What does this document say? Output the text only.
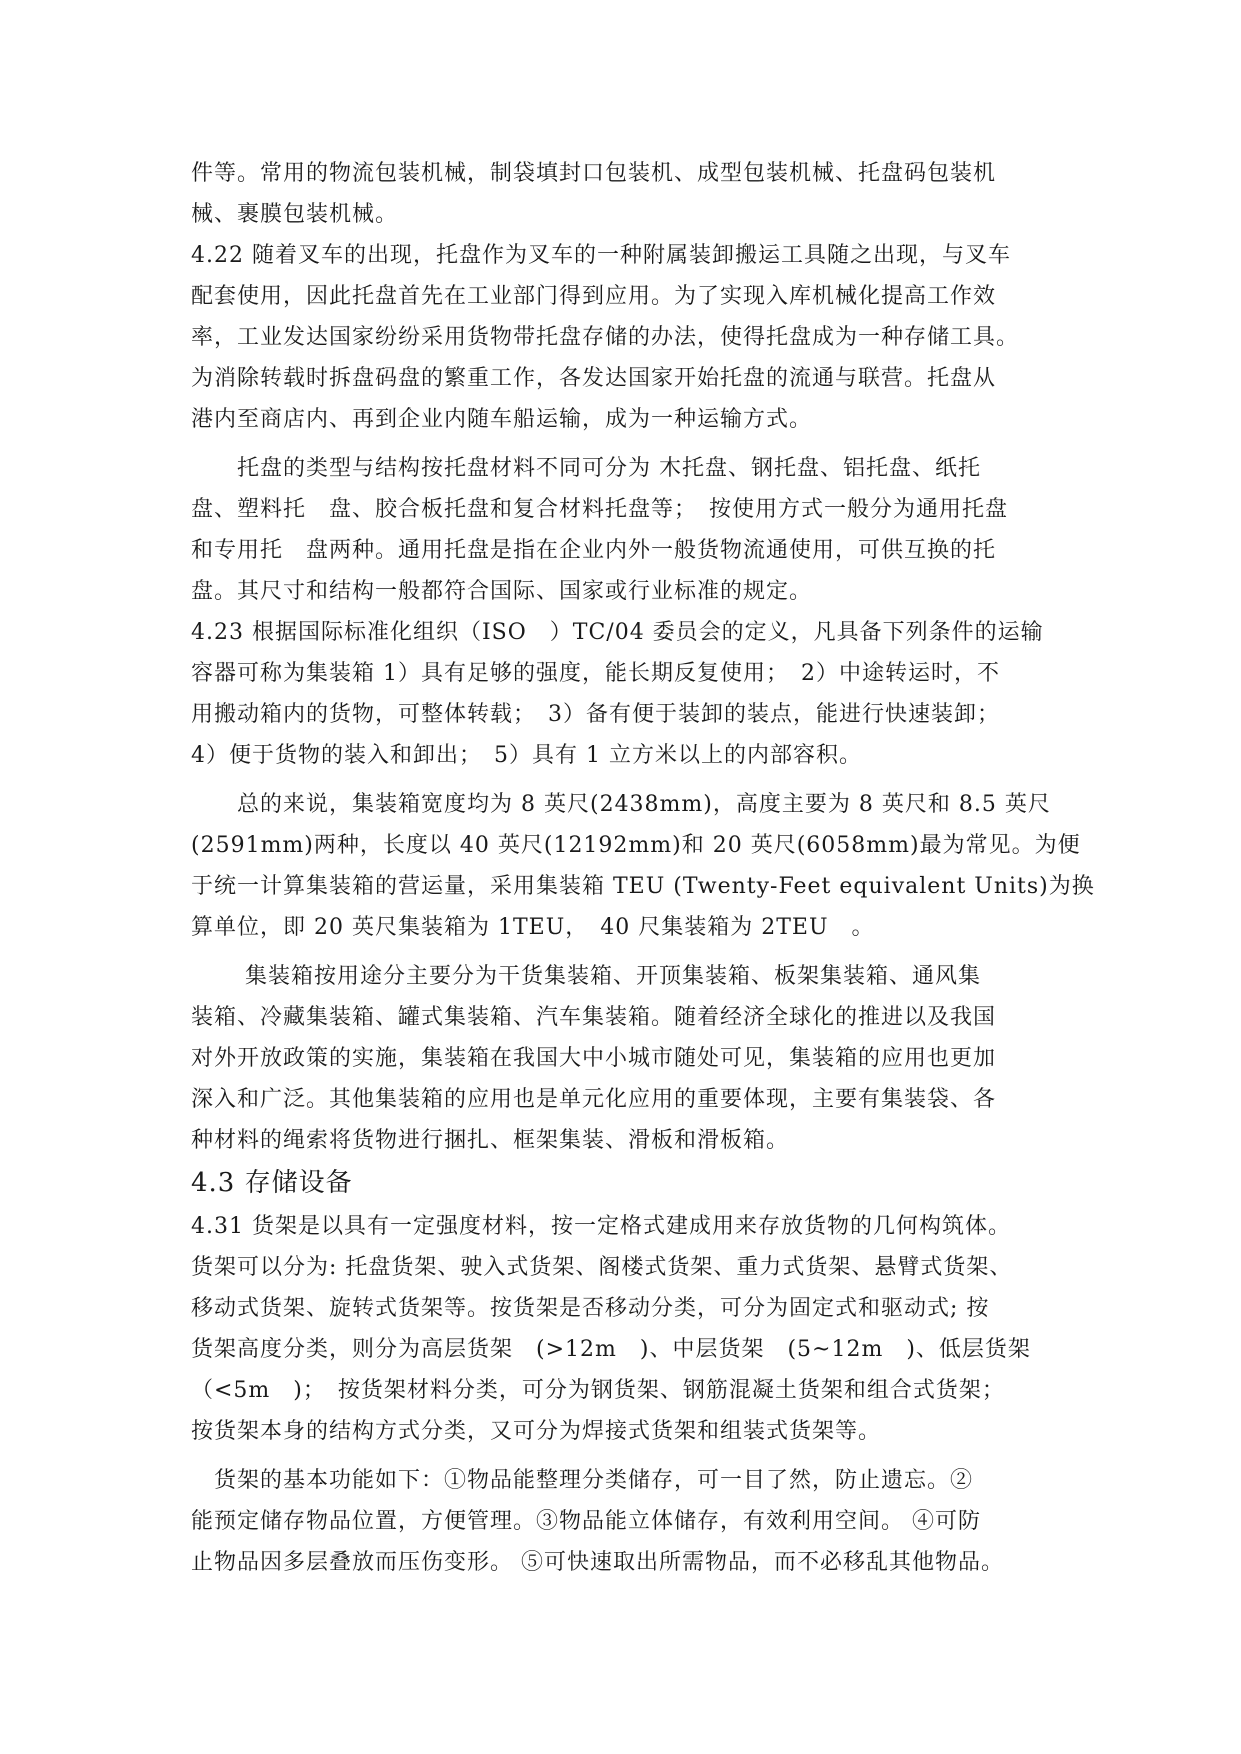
件等。常用的物流包装机械，制袋填封口包装机、成型包装机械、托盘码包装机
械、裹膜包装机械。
4.22 随着叉车的出现，托盘作为叉车的一种附属装卸搬运工具随之出现，与叉车
配套使用，因此托盘首先在工业部门得到应用。为了实现入库机械化提高工作效
率，工业发达国家纷纷采用货物带托盘存储的办法，使得托盘成为一种存储工具。
为消除转载时拆盘码盘的繁重工作，各发达国家开始托盘的流通与联营。托盘从
港内至商店内、再到企业内随车船运输，成为一种运输方式。
　　托盘的类型与结构按托盘材料不同可分为 木托盘、钢托盘、铝托盘、纸托
盘、塑料托　盘、胶合板托盘和复合材料托盘等；　按使用方式一般分为通用托盘
和专用托　盘两种。通用托盘是指在企业内外一般货物流通使用，可供互换的托
盘。其尺寸和结构一般都符合国际、国家或行业标准的规定。
4.23 根据国际标准化组织（ISO　）TC/04 委员会的定义，凡具备下列条件的运输
容器可称为集装箱 1）具有足够的强度，能长期反复使用；　2）中途转运时，不
用搬动箱内的货物，可整体转载；　3）备有便于装卸的装点，能进行快速装卸；
4）便于货物的装入和卸出；　5）具有 1 立方米以上的内部容积。
　　总的来说，集装箱宽度均为 8 英尺(2438mm)，高度主要为 8 英尺和 8.5 英尺
(2591mm)两种，长度以 40 英尺(12192mm)和 20 英尺(6058mm)最为常见。为便
于统一计算集装箱的营运量，采用集装箱 TEU (Twenty-Feet equivalent Units)为换
算单位，即 20 英尺集装箱为 1TEU，　40 尺集装箱为 2TEU　。
　　 集装箱按用途分主要分为干货集装箱、开顶集装箱、板架集装箱、通风集
装箱、冷藏集装箱、罐式集装箱、汽车集装箱。随着经济全球化的推进以及我国
对外开放政策的实施，集装箱在我国大中小城市随处可见，集装箱的应用也更加
深入和广泛。其他集装箱的应用也是单元化应用的重要体现，主要有集装袋、各
种材料的绳索将货物进行捆扎、框架集装、滑板和滑板箱。
4.3 存储设备
4.31 货架是以具有一定强度材料，按一定格式建成用来存放货物的几何构筑体。
货架可以分为: 托盘货架、驶入式货架、阁楼式货架、重力式货架、悬臂式货架、
移动式货架、旋转式货架等。按货架是否移动分类，可分为固定式和驱动式; 按
货架高度分类，则分为高层货架　(>12m　)、中层货架　(5~12m　)、低层货架
（<5m　)；　按货架材料分类，可分为钢货架、钢筋混凝土货架和组合式货架；
按货架本身的结构方式分类，又可分为焊接式货架和组装式货架等。
　货架的基本功能如下：①物品能整理分类储存，可一目了然，防止遗忘。②
能预定储存物品位置，方便管理。③物品能立体储存，有效利用空间。 ④可防
止物品因多层叠放而压伤变形。 ⑤可快速取出所需物品，而不必移乱其他物品。
